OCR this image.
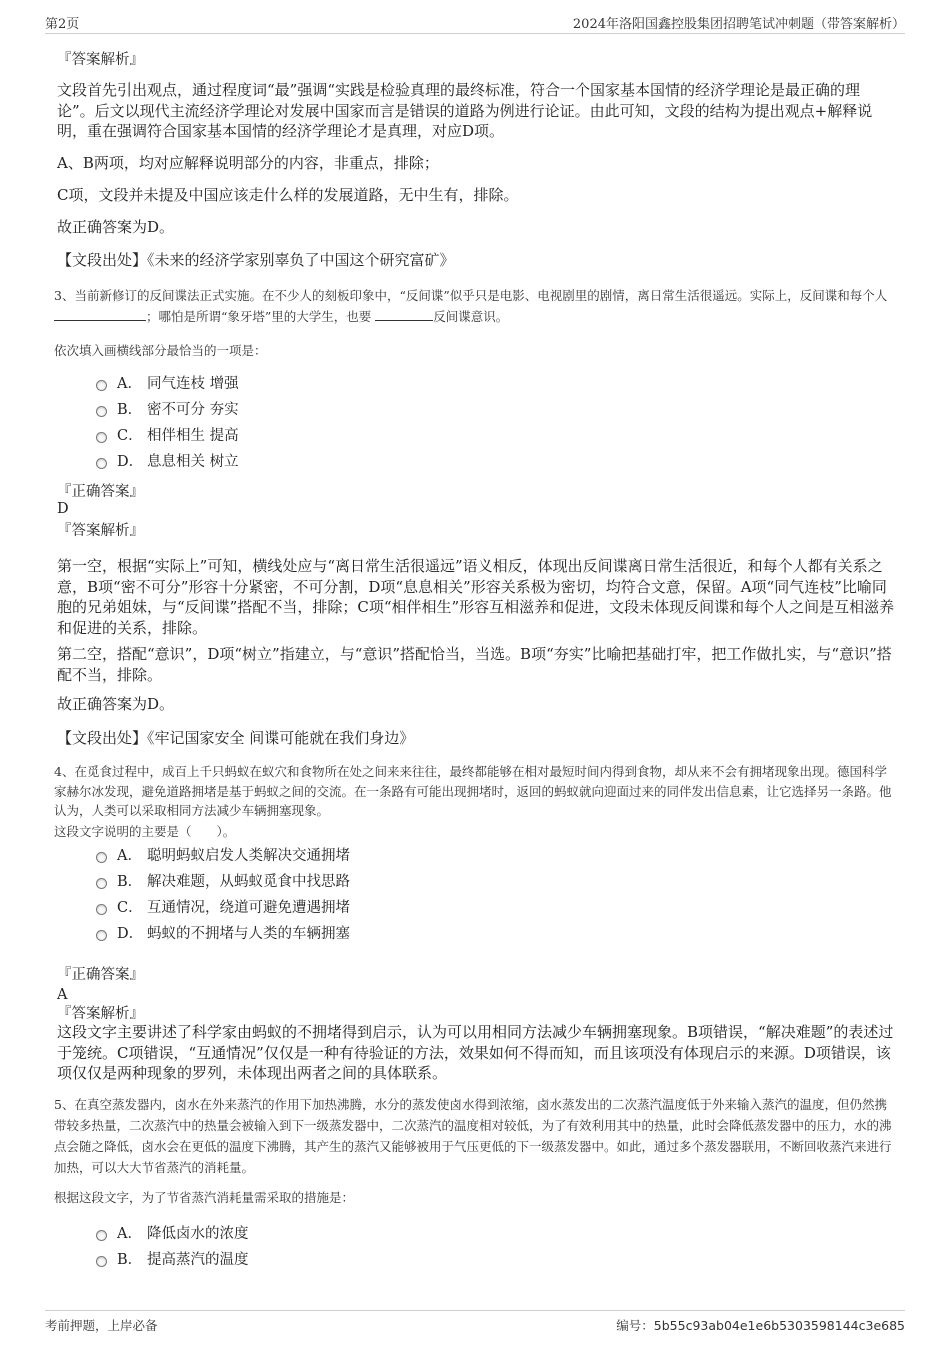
第2页	2024年洛阳国鑫控股集团招聘笔试冲刺题（带答案解析）
『答案解析』
文段首先引出观点，通过程度词“最”强调“实践是检验真理的最终标准，符合一个国家基本国情的经济学理论是最正确的理论”。后文以现代主流经济学理论对发展中国家而言是错误的道路为例进行论证。由此可知，文段的结构为提出观点+解释说明，重在强调符合国家基本国情的经济学理论才是真理，对应D项。
A、B两项，均对应解释说明部分的内容，非重点，排除；
C项，文段并未提及中国应该走什么样的发展道路，无中生有，排除。
故正确答案为D。
【文段出处】《未来的经济学家别辜负了中国这个研究富矿》
3、当前新修订的反间谍法正式实施。在不少人的刻板印象中，“反间谍”似乎只是电影、电视剧里的剧情，离日常生活很遥远。实际上，反间谍和每个人 ；哪怕是所谓“象牙塔”里的大学生，也要	反间谍意识。
依次填入画横线部分最恰当的一项是：
A． 同气连枝 增强
B． 密不可分 夯实
C． 相伴相生 提高
D． 息息相关 树立
『正确答案』
D
『答案解析』
第一空，根据“实际上”可知，横线处应与“离日常生活很遥远”语义相反，体现出反间谍离日常生活很近，和每个人都有关系之意，B项“密不可分”形容十分紧密，不可分割，D项“息息相关”形容关系极为密切，均符合文意，保留。A项“同气连枝”比喻同胞的兄弟姐妹，与“反间谍”搭配不当，排除；C项“相伴相生”形容互相滋养和促进，文段未体现反间谍和每个人之间是互相滋养和促进的关系，排除。
第二空，搭配“意识”，D项“树立”指建立，与“意识”搭配恰当，当选。B项“夯实”比喻把基础打牢，把工作做扎实，与“意识”搭配不当，排除。
故正确答案为D。
【文段出处】《牢记国家安全 间谍可能就在我们身边》
4、在觅食过程中，成百上千只蚂蚁在蚁穴和食物所在处之间来来往往，最终都能够在相对最短时间内得到食物，却从来不会有拥堵现象出现。德国科学家赫尔冰发现，避免道路拥堵是基于蚂蚁之间的交流。在一条路有可能出现拥堵时，返回的蚂蚁就向迎面过来的同伴发出信息素，让它选择另一条路。他认为，人类可以采取相同方法减少车辆拥塞现象。
这段文字说明的主要是（　　）。
A． 聪明蚂蚁启发人类解决交通拥堵
B． 解决难题，从蚂蚁觅食中找思路
C． 互通情况，绕道可避免遭遇拥堵
D． 蚂蚁的不拥堵与人类的车辆拥塞
『正确答案』
A
『答案解析』
这段文字主要讲述了科学家由蚂蚁的不拥堵得到启示，认为可以用相同方法减少车辆拥塞现象。B项错误，“解决难题”的表述过于笼统。C项错误，“互通情况”仅仅是一种有待验证的方法，效果如何不得而知，而且该项没有体现启示的来源。D项错误，该项仅仅是两种现象的罗列，未体现出两者之间的具体联系。
5、在真空蒸发器内，卤水在外来蒸汽的作用下加热沸腾，水分的蒸发使卤水得到浓缩，卤水蒸发出的二次蒸汽温度低于外来输入蒸汽的温度，但仍然携带较多热量，二次蒸汽中的热量会被输入到下一级蒸发器中，二次蒸汽的温度相对较低，为了有效利用其中的热量，此时会降低蒸发器中的压力，水的沸点会随之降低，卤水会在更低的温度下沸腾，其产生的蒸汽又能够被用于气压更低的下一级蒸发器中。如此，通过多个蒸发器联用，不断回收蒸汽来进行加热，可以大大节省蒸汽的消耗量。
根据这段文字，为了节省蒸汽消耗量需采取的措施是：
A． 降低卤水的浓度
B． 提高蒸汽的温度
考前押题，上岸必备	编号：5b55c93ab04e1e6b5303598144c3e685
